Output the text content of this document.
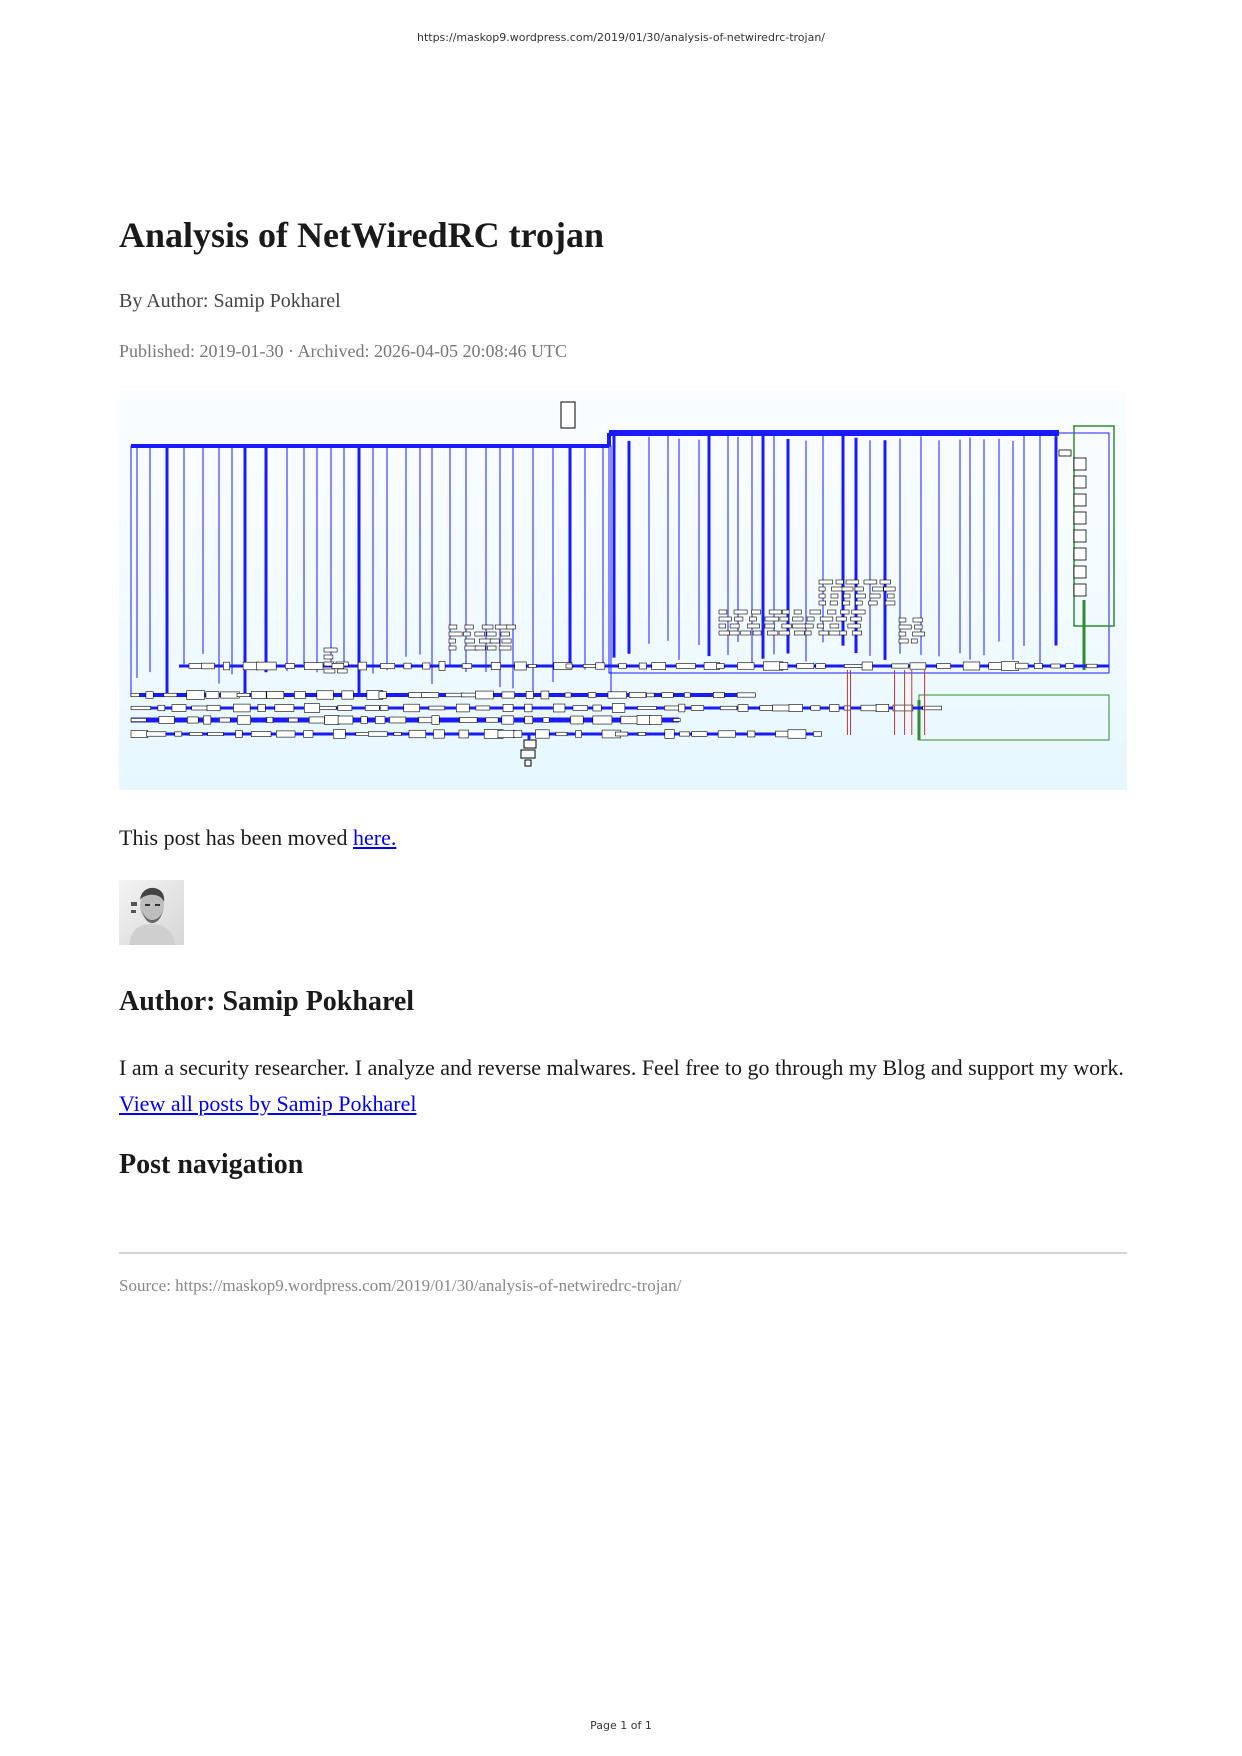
https://maskop9.wordpress.com/2019/01/30/analysis-of-netwiredrc-trojan/
Analysis of NetWiredRC trojan
By Author: Samip Pokharel
Published: 2019-01-30 · Archived: 2026-04-05 20:08:46 UTC
This post has been moved here.
Author: Samip Pokharel

I am a security researcher. I analyze and reverse malwares. Feel free to go through my Blog and support my work.

View all posts by Samip Pokharel

Post navigation
Source: https://maskop9.wordpress.com/2019/01/30/analysis-of-netwiredrc-trojan/
Page 1 of 1
